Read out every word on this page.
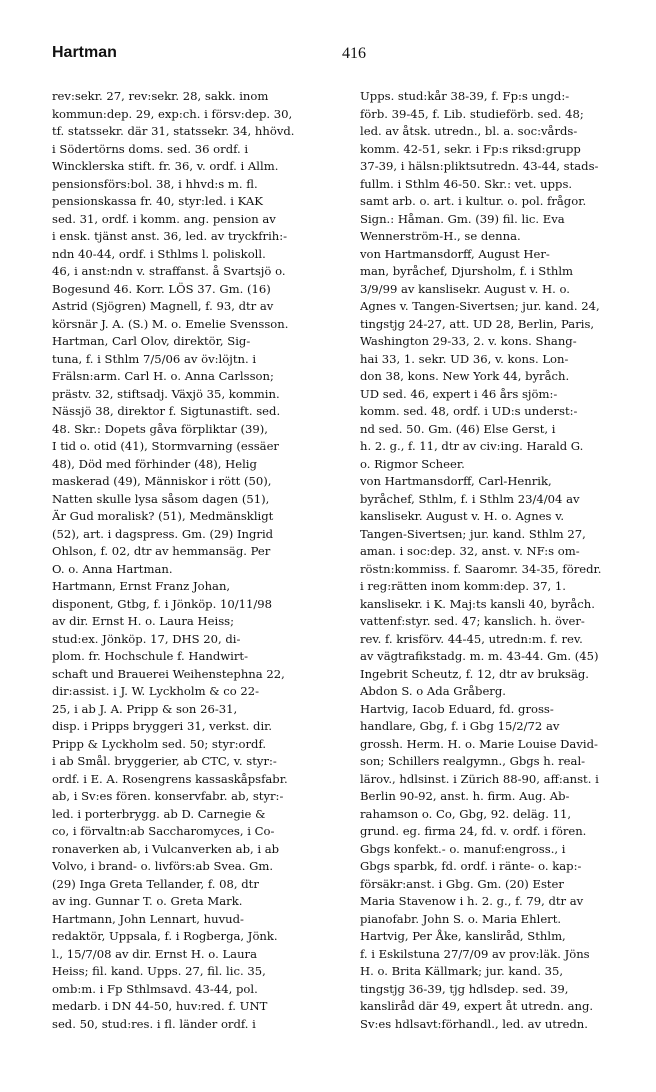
Hartman	416
rev:sekr. 27, rev:sekr. 28, sakk. inom
kommun:dep. 29, exp:ch. i försv:dep. 30,
tf. statssekr. där 31, statssekr. 34, hhövd.
i Södertörns doms. sed. 36 ordf. i
Wincklerska stift. fr. 36, v. ordf. i Allm.
pensionsförs:bol. 38, i hhvd:s m. fl.
pensionskassa fr. 40, styr:led. i KAK
sed. 31, ordf. i komm. ang. pension av
i ensk. tjänst anst. 36, led. av tryckfrih:-
ndn 40-44, ordf. i Sthlms l. poliskoll.
46, i anst:ndn v. straffanst. å Svartsjö o.
Bogesund 46. Korr. LÖS 37. Gm. (16)
Astrid (Sjögren) Magnell, f. 93, dtr av
körsnär J. A. (S.) M. o. Emelie Svensson.
Hartman, Carl Olov, direktör, Sig-
tuna, f. i Sthlm 7/5/06 av öv:löjtn. i
Frälsn:arm. Carl H. o. Anna Carlsson;
prästv. 32, stiftsadj. Växjö 35, kommin.
Nässjö 38, direktor f. Sigtunastift. sed.
48. Skr.: Dopets gåva förpliktar (39),
I tid o. otid (41), Stormvarning (essäer
48), Död med förhinder (48), Helig
maskerad (49), Människor i rött (50),
Natten skulle lysa såsom dagen (51),
Är Gud moralisk? (51), Medmänskligt
(52), art. i dagspress. Gm. (29) Ingrid
Ohlson, f. 02, dtr av hemmansäg. Per
O. o. Anna Hartman.
Hartmann, Ernst Franz Johan,
disponent, Gtbg, f. i Jönköp. 10/11/98
av dir. Ernst H. o. Laura Heiss;
stud:ex. Jönköp. 17, DHS 20, di-
plom. fr. Hochschule f. Handwirt-
schaft und Brauerei Weihenstephna 22,
dir:assist. i J. W. Lyckholm & co 22-
25, i ab J. A. Pripp & son 26-31,
disp. i Pripps bryggeri 31, verkst. dir.
Pripp & Lyckholm sed. 50; styr:ordf.
i ab Smål. bryggerier, ab CTC, v. styr:-
ordf. i E. A. Rosengrens kassaskåpsfabr.
ab, i Sv:es fören. konservfabr. ab, styr:-
led. i porterbrygg. ab D. Carnegie &
co, i förvaltn:ab Saccharomyces, i Co-
ronaverken ab, i Vulcanverken ab, i ab
Volvo, i brand- o. livförs:ab Svea. Gm.
(29) Inga Greta Tellander, f. 08, dtr
av ing. Gunnar T. o. Greta Mark.
Hartmann, John Lennart, huvud-
redaktör, Uppsala, f. i Rogberga, Jönk.
l., 15/7/08 av dir. Ernst H. o. Laura
Heiss; fil. kand. Upps. 27, fil. lic. 35,
omb:m. i Fp Sthlmsavd. 43-44, pol.
medarb. i DN 44-50, huv:red. f. UNT
sed. 50, stud:res. i fl. länder ordf. i
Upps. stud:kår 38-39, f. Fp:s ungd:-
förb. 39-45, f. Lib. studieförb. sed. 48;
led. av åtsk. utredn., bl. a. soc:vårds-
komm. 42-51, sekr. i Fp:s riksd:grupp
37-39, i hälsn:pliktsutredn. 43-44, stads-
fullm. i Sthlm 46-50. Skr.: vet. upps.
samt arb. o. art. i kultur. o. pol. frågor.
Sign.: Håman. Gm. (39) fil. lic. Eva
Wennerström-H., se denna.
von Hartmansdorff, August Her-
man, byråchef, Djursholm, f. i Sthlm
3/9/99 av kanslisekr. August v. H. o.
Agnes v. Tangen-Sivertsen; jur. kand. 24,
tingstjg 24-27, att. UD 28, Berlin, Paris,
Washington 29-33, 2. v. kons. Shang-
hai 33, 1. sekr. UD 36, v. kons. Lon-
don 38, kons. New York 44, byråch.
UD sed. 46, expert i 46 års sjöm:-
komm. sed. 48, ordf. i UD:s underst:-
nd sed. 50. Gm. (46) Else Gerst, i
h. 2. g., f. 11, dtr av civ:ing. Harald G.
o. Rigmor Scheer.
von Hartmansdorff, Carl-Henrik,
byråchef, Sthlm, f. i Sthlm 23/4/04 av
kanslisekr. August v. H. o. Agnes v.
Tangen-Sivertsen; jur. kand. Sthlm 27,
aman. i soc:dep. 32, anst. v. NF:s om-
röstn:kommiss. f. Saaromr. 34-35, föredr.
i reg:rätten inom komm:dep. 37, 1.
kanslisekr. i K. Maj:ts kansli 40, byråch.
vattenf:styr. sed. 47; kanslich. h. över-
rev. f. krisförv. 44-45, utredn:m. f. rev.
av vägtrafikstadg. m. m. 43-44. Gm. (45)
Ingebrit Scheutz, f. 12, dtr av bruksäg.
Abdon S. o Ada Gråberg.
Hartvig, Iacob Eduard, fd. gross-
handlare, Gbg, f. i Gbg 15/2/72 av
grossh. Herm. H. o. Marie Louise David-
son; Schillers realgymn., Gbgs h. real-
lärov., hdlsinst. i Zürich 88-90, aff:anst. i
Berlin 90-92, anst. h. firm. Aug. Ab-
rahamson o. Co, Gbg, 92. deläg. 11,
grund. eg. firma 24, fd. v. ordf. i fören.
Gbgs konfekt.- o. manuf:engross., i
Gbgs sparbk, fd. ordf. i ränte- o. kap:-
försäkr:anst. i Gbg. Gm. (20) Ester
Maria Stavenow i h. 2. g., f. 79, dtr av
pianofabr. John S. o. Maria Ehlert.
Hartvig, Per Åke, kanslіråd, Sthlm,
f. i Eskilstuna 27/7/09 av prov:läk. Jöns
H. o. Brita Källmark; jur. kand. 35,
tingstjg 36-39, tjg hdlsdep. sed. 39,
kanslіråd där 49, expert åt utredn. ang.
Sv:es hdlsavt:förhandl., led. av utredn.
